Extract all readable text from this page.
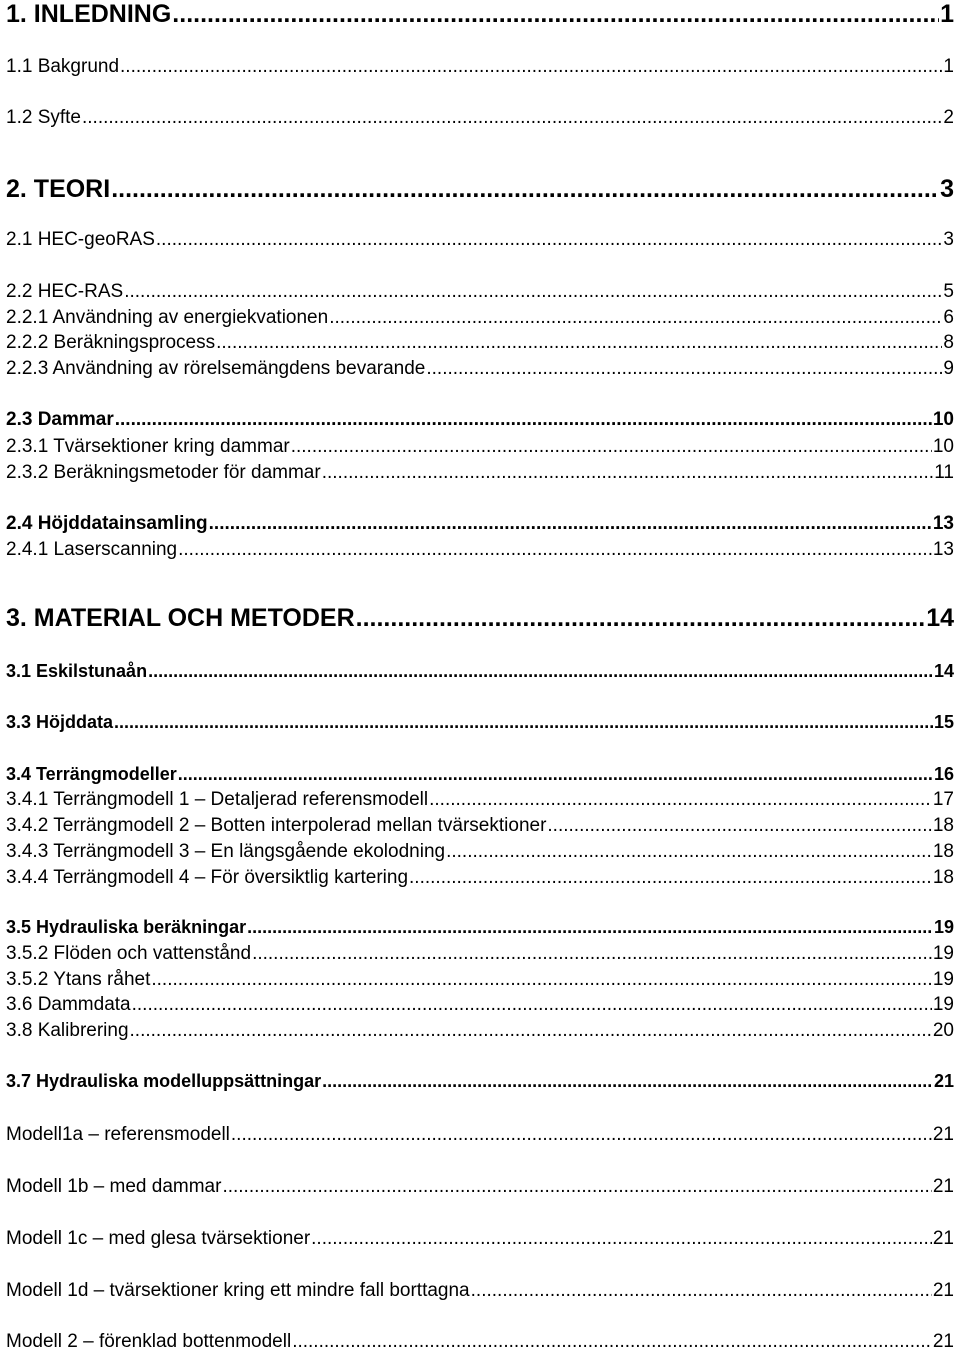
1. INLEDNING .....	1
1.1 Bakgrund .....	1
1.2 Syfte .....	2
2. TEORI .....	3
2.1 HEC-geoRAS .....	3
2.2 HEC-RAS .....	5
2.2.1 Användning av energiekvationen .....	6
2.2.2 Beräkningsprocess .....	8
2.2.3 Användning av rörelsemängdens bevarande .....	9
2.3 Dammar .....	10
2.3.1 Tvärsektioner kring dammar .....	10
2.3.2 Beräkningsmetoder för dammar .....	11
2.4 Höjddatainsamling .....	13
2.4.1 Laserscanning .....	13
3. MATERIAL OCH METODER .....	14
3.1 Eskilstunaån .....	14
3.3 Höjddata .....	15
3.4 Terrängmodeller .....	16
3.4.1 Terrängmodell 1 – Detaljerad referensmodell .....	17
3.4.2 Terrängmodell 2 – Botten interpolerad mellan tvärsektioner .....	18
3.4.3 Terrängmodell 3 – En längsgående ekolodning .....	18
3.4.4 Terrängmodell 4 – För översiktlig kartering .....	18
3.5 Hydrauliska beräkningar .....	19
3.5.2 Flöden och vattenstånd .....	19
3.5.2 Ytans råhet .....	19
3.6 Dammdata .....	19
3.8 Kalibrering .....	20
3.7 Hydrauliska modelluppsättningar .....	21
Modell1a – referensmodell .....	21
Modell 1b – med dammar .....	21
Modell 1c – med glesa tvärsektioner .....	21
Modell 1d – tvärsektioner kring ett mindre fall borttagna .....	21
Modell 2 – förenklad bottenmodell .....	21
